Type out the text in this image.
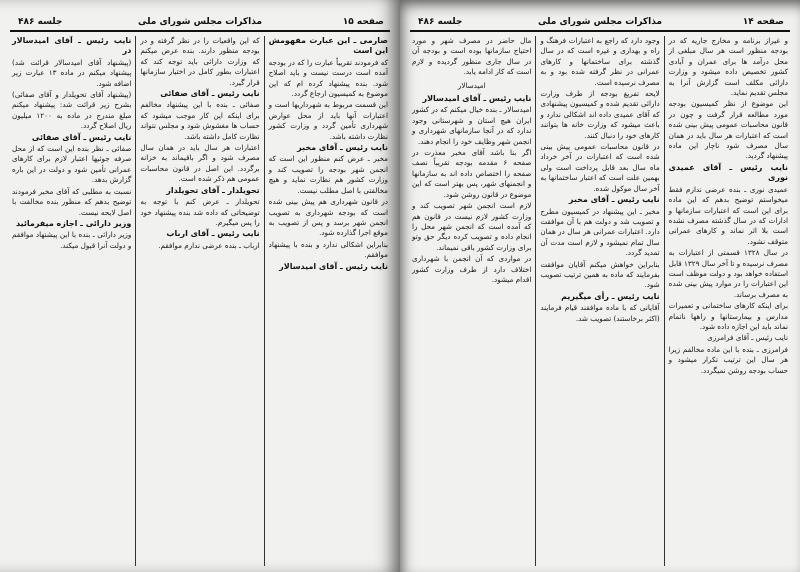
صفحه ۱۵
مذاکرات مجلس شورای ملی
جلسه ۴۸۶

صارمی ـ این عبارت مفهومش این است

که فرمودند تقریباً عبارت را که در بودجه آمده است درست نیست و باید اصلاح شود. بنده پیشنهاد کرده ام که این موضوع به کمیسیون ارجاع گردد.

این قسمت مربوط به شهرداریها است و اعتبارات آنها باید از محل عوارض شهرداری تأمین گردد و وزارت کشور نظارت داشته باشد.

نایب رئیس ـ آقای مخبر

مخبر ـ عرض کنم منظور این است که انجمن شهر بودجه را تصویب کند و وزارت کشور هم نظارت نماید و هیچ مخالفتی با اصل مطلب نیست.

در قانون شهرداری هم پیش بینی شده است که بودجه شهرداری به تصویب انجمن شهر برسد و پس از تصویب به موقع اجرا گذارده شود.

بنابراین اشکالی ندارد و بنده با پیشنهاد موافقم.

نایب رئیس ـ آقای امیدسالار

که این واقعیات را در نظر گرفته و در بودجه منظور دارند. بنده عرض میکنم که وزارت دارائی باید توجه کند که اعتبارات بطور کامل در اختیار سازمانها قرار گیرد.

نایب رئیس ـ آقای صفائی

صفائی ـ بنده با این پیشنهاد مخالفم برای اینکه این کار موجب میشود که حساب ها مغشوش شود و مجلس نتواند نظارت کامل داشته باشد.

اعتبارات هر سال باید در همان سال مصرف شود و اگر باقیماند به خزانه برگردد. این اصل در قانون محاسبات عمومی هم ذکر شده است.

تحویلدار ـ آقای تحویلدار

تحویلدار ـ عرض کنم با توجه به توضیحاتی که داده شد بنده پیشنهاد خود را پس میگیرم.

نایب رئیس ـ آقای ارباب

ارباب ـ بنده عرضی ندارم موافقم.

نایب رئیس ـ آقای امیدسالار در

(پیشنهاد آقای امیدسالار قرائت شد) پیشنهاد میکنم در ماده ۱۳ عبارت زیر اضافه شود.

(پیشنهاد آقای تحویلدار و آقای صفائی) بشرح زیر قرائت شد: پیشنهاد میکنم مبلغ مندرج در ماده به ۱۲۰۰ میلیون ریال اصلاح گردد.

نایب رئیس ـ آقای صفائی

صفائی ـ نظر بنده این است که از محل صرفه جوئیها اعتبار لازم برای کارهای عمرانی تأمین شود و دولت در این باره گزارش بدهد.

نسبت به مطلبی که آقای مخبر فرمودند توضیح بدهم که منظور بنده مخالفت با اصل لایحه نیست.

وزیر دارائی ـ اجازه میفرمائید

وزیر دارائی ـ بنده با این پیشنهاد موافقم و دولت آنرا قبول میکند.

صفحه ۱۴
مذاکرات مجلس شورای ملی
جلسه ۴۸۶

و غیراز برنامه و مخارج جاریه که در بودجه منظور است هر سال مبلغی از محل درآمد ها برای عمران و آبادی کشور تخصیص داده میشود و وزارت دارائی مکلف است گزارش آنرا به مجلس تقدیم نماید.

این موضوع از نظر کمیسیون بودجه مورد مطالعه قرار گرفت و چون در قانون محاسبات عمومی پیش بینی شده است که اعتبارات هر سال باید در همان سال مصرف شود ناچار این ماده پیشنهاد گردید.

نایب رئیس ـ آقای عمیدی نوری

عمیدی نوری ـ بنده عرضی ندارم فقط میخواستم توضیح بدهم که این ماده برای این است که اعتبارات سازمانها و ادارات که در سال گذشته مصرف نشده است بلا اثر نماند و کارهای عمرانی متوقف نشود.

در سال ۱۳۲۸ قسمتی از اعتبارات به مصرف نرسیده و تا آخر سال ۱۳۲۹ قابل استفاده خواهد بود و دولت موظف است این اعتبارات را در موارد پیش بینی شده به مصرف برساند.

برای اینکه کارهای ساختمانی و تعمیرات مدارس و بیمارستانها و راهها ناتمام نماند باید این اجازه داده شود.

نایب رئیس ـ آقای فرامرزی

فرامرزی ـ بنده با این ماده مخالفم زیرا هر سال این ترتیب تکرار میشود و حساب بودجه روشن نمیگردد.

وجود دارد که راجع به اعتبارات فرهنگ و راه و بهداری و غیره است که در سال گذشته برای ساختمانها و کارهای عمرانی در نظر گرفته شده بود و به مصرف نرسیده است.

لایحه تفریغ بودجه از طرف وزارت دارائی تقدیم شده و کمیسیون پیشنهادی که آقای عمیدی داده اند اشکالی ندارد و باعث میشود که وزارت خانه ها بتوانند کارهای خود را دنبال کنند.

در قانون محاسبات عمومی پیش بینی شده است که اعتبارات در آخر خرداد ماه سال بعد قابل پرداخت است ولی بهمین علت است که اعتبار ساختمانها به آخر سال موکول شده.

نایب رئیس ـ آقای مخبر

مخبر ـ این پیشنهاد در کمیسیون مطرح و تصویب شد و دولت هم با آن موافقت دارد. اعتبارات عمرانی هر سال در همان سال تمام نمیشود و لازم است مدت آن تمدید گردد.

بنابراین خواهش میکنم آقایان موافقت بفرمایند که ماده به همین ترتیب تصویب شود.

نایب رئیس ـ رأی میگیریم

آقایانی که با ماده موافقند قیام فرمایند (اکثر برخاستند) تصویب شد.

مال حاضر در مصرف شهر و مورد احتیاج سازمانها بوده است و بودجه آن در سال جاری منظور گردیده و لازم است که کار ادامه یابد.

امیدسالار

نایب رئیس ـ آقای امیدسالار

امیدسالار ـ بنده خیال میکنم که در کشور ایران هیچ استان و شهرستانی وجود ندارد که در آنجا سازمانهای شهرداری و انجمن شهر وظایف خود را انجام دهند.

اگر بنا باشد آقای مخبر معذرت در صفحه ۶ مقدمه بودجه تقریباً نصف صفحه را اختصاص داده اند به سازمانها و انجمنهای شهر، پس بهتر است که این موضوع در قانون روشن شود.

لازم است انجمن شهر تصویب کند و وزارت کشور لازم نیست در قانون هم که آمده است که انجمن شهر محل را انجام داده و تصویب کرده دیگر حق وتو برای وزارت کشور باقی نمیماند.

در مواردی که آن انجمن با شهرداری اختلاف دارد از طرف وزارت کشور اقدام میشود.
